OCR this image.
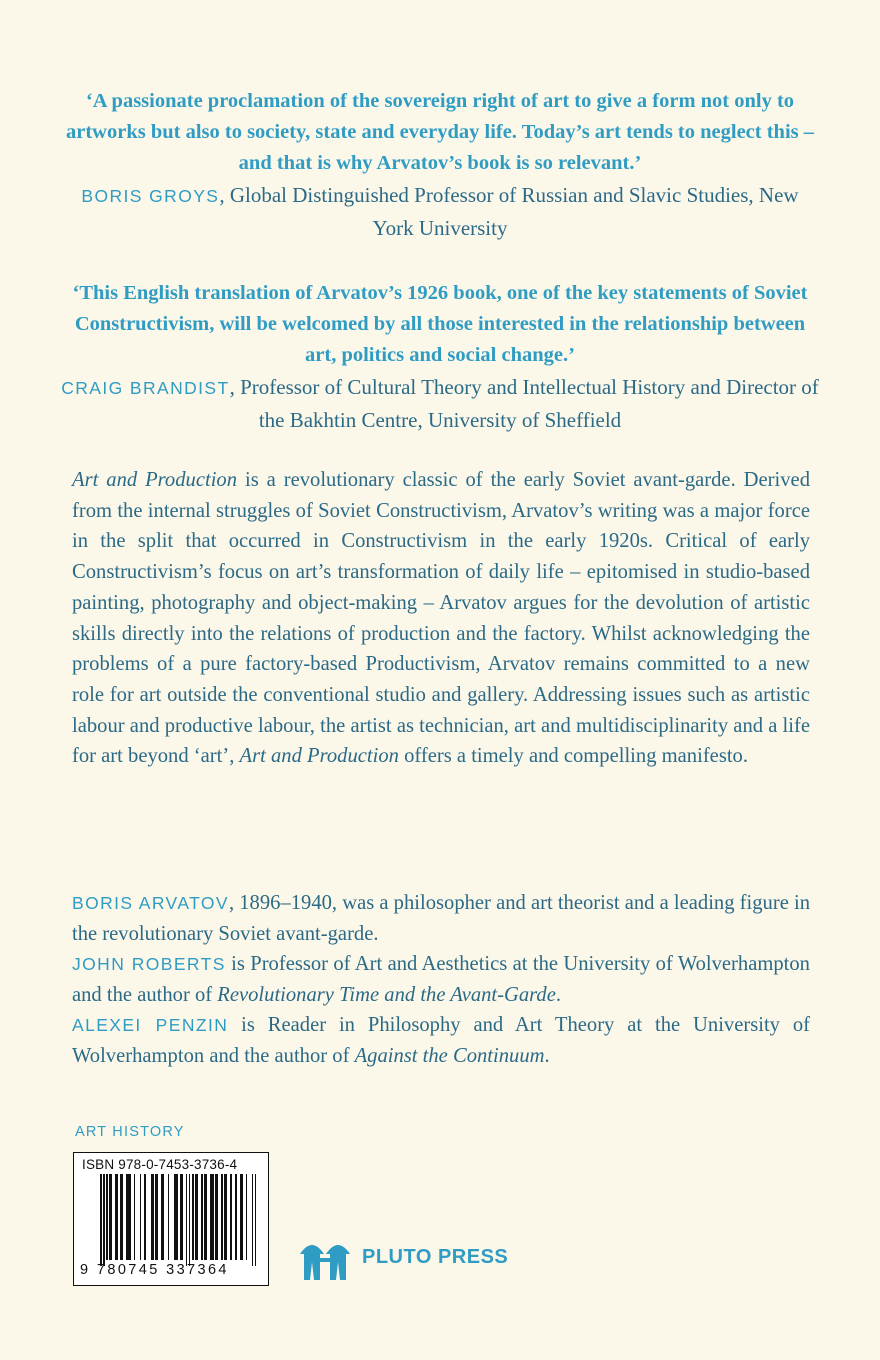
‘A passionate proclamation of the sovereign right of art to give a form not only to artworks but also to society, state and everyday life. Today’s art tends to neglect this – and that is why Arvatov’s book is so relevant.’

BORIS GROYS, Global Distinguished Professor of Russian and Slavic Studies, New York University

‘This English translation of Arvatov’s 1926 book, one of the key statements of Soviet Constructivism, will be welcomed by all those interested in the relationship between art, politics and social change.’

CRAIG BRANDIST, Professor of Cultural Theory and Intellectual History and Director of the Bakhtin Centre, University of Sheffield

Art and Production is a revolutionary classic of the early Soviet avant-garde. Derived from the internal struggles of Soviet Constructivism, Arvatov’s writing was a major force in the split that occurred in Constructivism in the early 1920s. Critical of early Constructivism’s focus on art’s transformation of daily life – epitomised in studio-based painting, photography and object-making – Arvatov argues for the devolution of artistic skills directly into the relations of production and the factory. Whilst acknowledging the problems of a pure factory-based Productivism, Arvatov remains committed to a new role for art outside the conventional studio and gallery. Addressing issues such as artistic labour and productive labour, the artist as technician, art and multidisciplinarity and a life for art beyond ‘art’, Art and Production offers a timely and compelling manifesto.

BORIS ARVATOV, 1896–1940, was a philosopher and art theorist and a leading figure in the revolutionary Soviet avant-garde.

JOHN ROBERTS is Professor of Art and Aesthetics at the University of Wolverhampton and the author of Revolutionary Time and the Avant-Garde.

ALEXEI PENZIN is Reader in Philosophy and Art Theory at the University of Wolverhampton and the author of Against the Continuum.

ART HISTORY
ISBN 978-0-7453-3736-4
9 780745 337364
PLUTO PRESS
